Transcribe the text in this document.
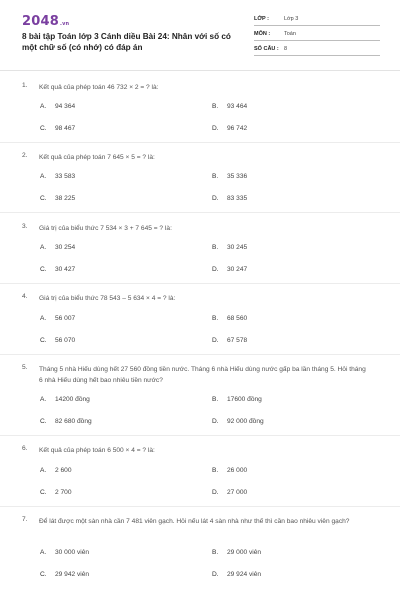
2048.vn
8 bài tập Toán lớp 3 Cánh diều Bài 24: Nhân với số có một chữ số (có nhớ) có đáp án
LỚP :	Lớp 3
MÔN :	Toán
SỐ CÂU : 8
1. Kết quả của phép toán 46 732 × 2 = ? là:
A. 94 364	B. 93 464
C. 98 467	D. 96 742
2. Kết quả của phép toán 7 645 × 5 = ? là:
A. 33 583	B. 35 336
C. 38 225	D. 83 335
3. Giá trị của biểu thức 7 534 × 3 + 7 645 = ? là:
A. 30 254	B. 30 245
C. 30 427	D. 30 247
4. Giá trị của biểu thức 78 543 – 5 634 × 4 = ? là:
A. 56 007	B. 68 560
C. 56 070	D. 67 578
5. Tháng 5 nhà Hiếu dùng hết 27 560 đồng tiền nước. Tháng 6 nhà Hiếu dùng nước gấp ba lần tháng 5. Hỏi tháng 6 nhà Hiếu dùng hết bao nhiêu tiền nước?
A. 14200 đồng	B. 17600 đồng
C. 82 680 đồng	D. 92 000 đồng
6. Kết quả của phép toán 6 500 × 4 = ? là:
A. 2 600	B. 26 000
C. 2 700	D. 27 000
7. Để lát được một sàn nhà cần 7 481 viên gạch. Hỏi nếu lát 4 sàn nhà như thế thì cần bao nhiêu viên gạch?
A. 30 000 viên	B. 29 000 viên
C. 29 942 viên	D. 29 924 viên
